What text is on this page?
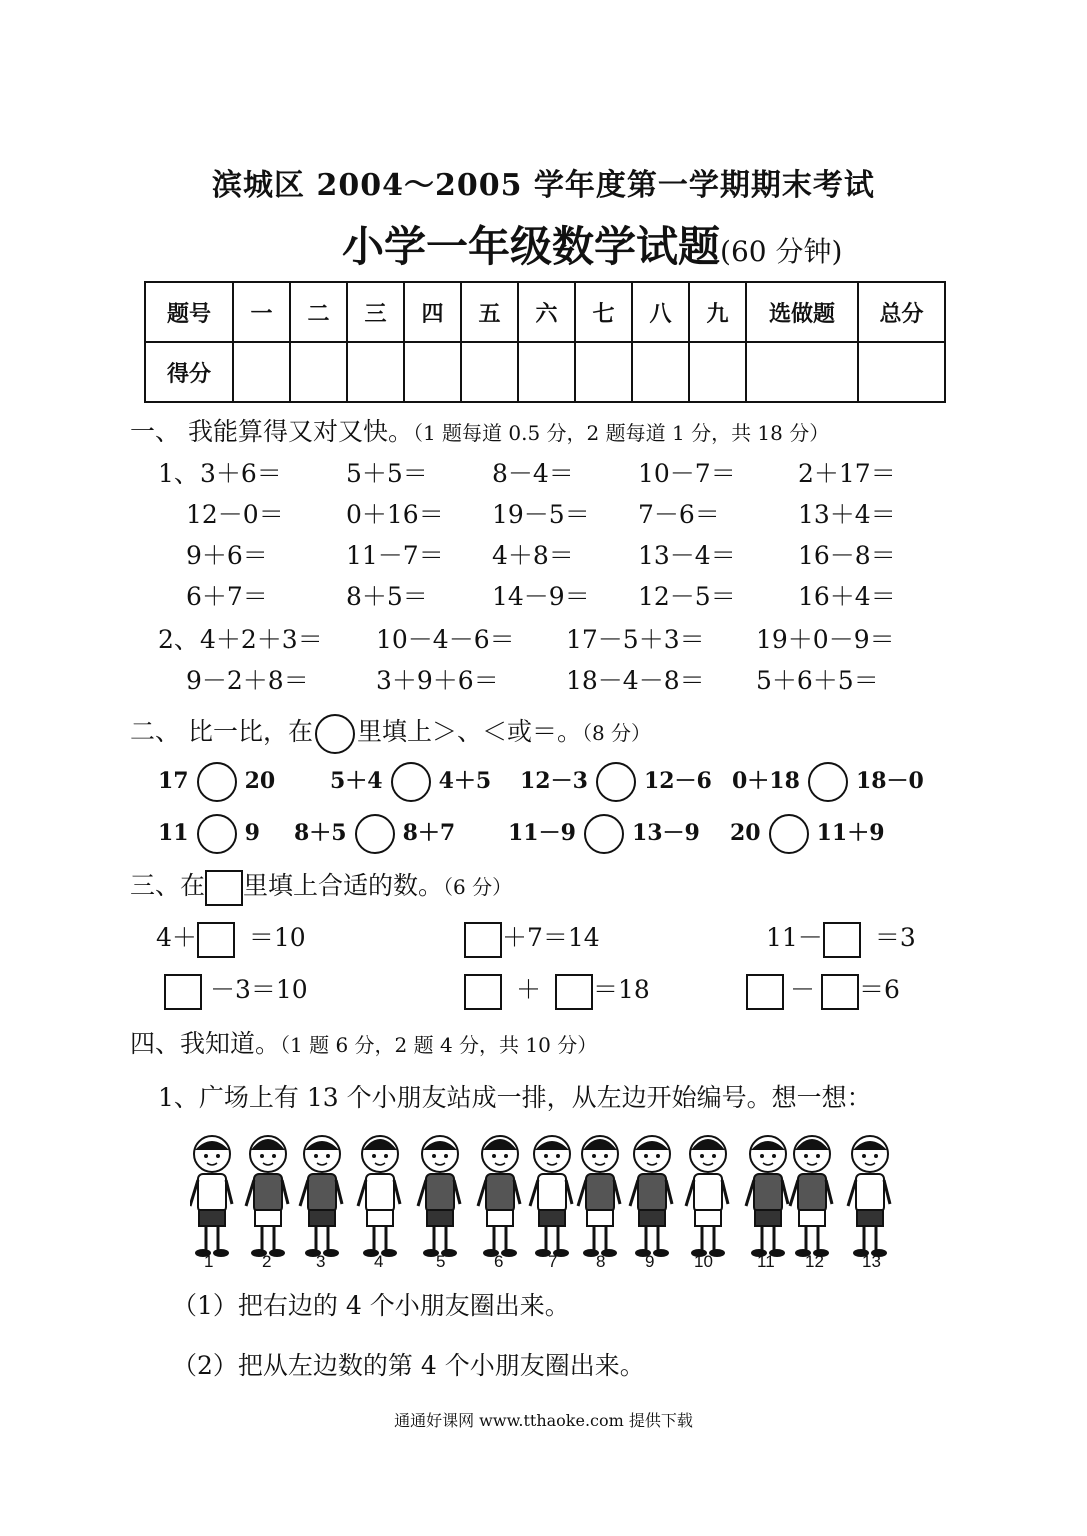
滨城区 2004～2005 学年度第一学期期末考试
小学一年级数学试题(60 分钟)
题号	一	二	三	四	五	六	七	八	九	选做题	总分
得分											
一、 我能算得又对又快。（1 题每道 0.5 分，2 题每道 1 分，共 18 分）
1、 3＋6＝	5＋5＝	8－4＝	10－7＝ 2＋17＝
12－0＝ 0＋16＝ 19－5＝ 7－6＝	13＋4＝
9＋6＝	11－7＝ 4＋8＝	13－4＝ 16－8＝
6＋7＝	8＋5＝	14－9＝ 12－5＝ 16＋4＝
2、 4＋2＋3＝ 10－4－6＝ 17－5＋3＝ 19＋0－9＝
9－2＋8＝	3＋9＋6＝	18－4－8＝ 5＋6＋5＝
二、 比一比，在 里填上＞、＜或＝。（8 分）
17	20 5＋4	4＋5 12－3	12－6 0＋18	18－0
11	9 8＋5	8＋7 11－9	13－9 20	11＋9
三、在 里填上合适的数。（6 分）
4＋ ＝10	＋7＝14	11－ ＝3
－3＝10	＋ ＝18	－ ＝6
四、我知道。（1 题 6 分，2 题 4 分，共 10 分）
1、广场上有 13 个小朋友站成一排，从左边开始编号。想一想：
1	2	3	4	5	6	7 8 9 10	11 12 13
（1）把右边的 4 个小朋友圈出来。
（2）把从左边数的第 4 个小朋友圈出来。
通通好课网 www.tthaoke.com 提供下载
